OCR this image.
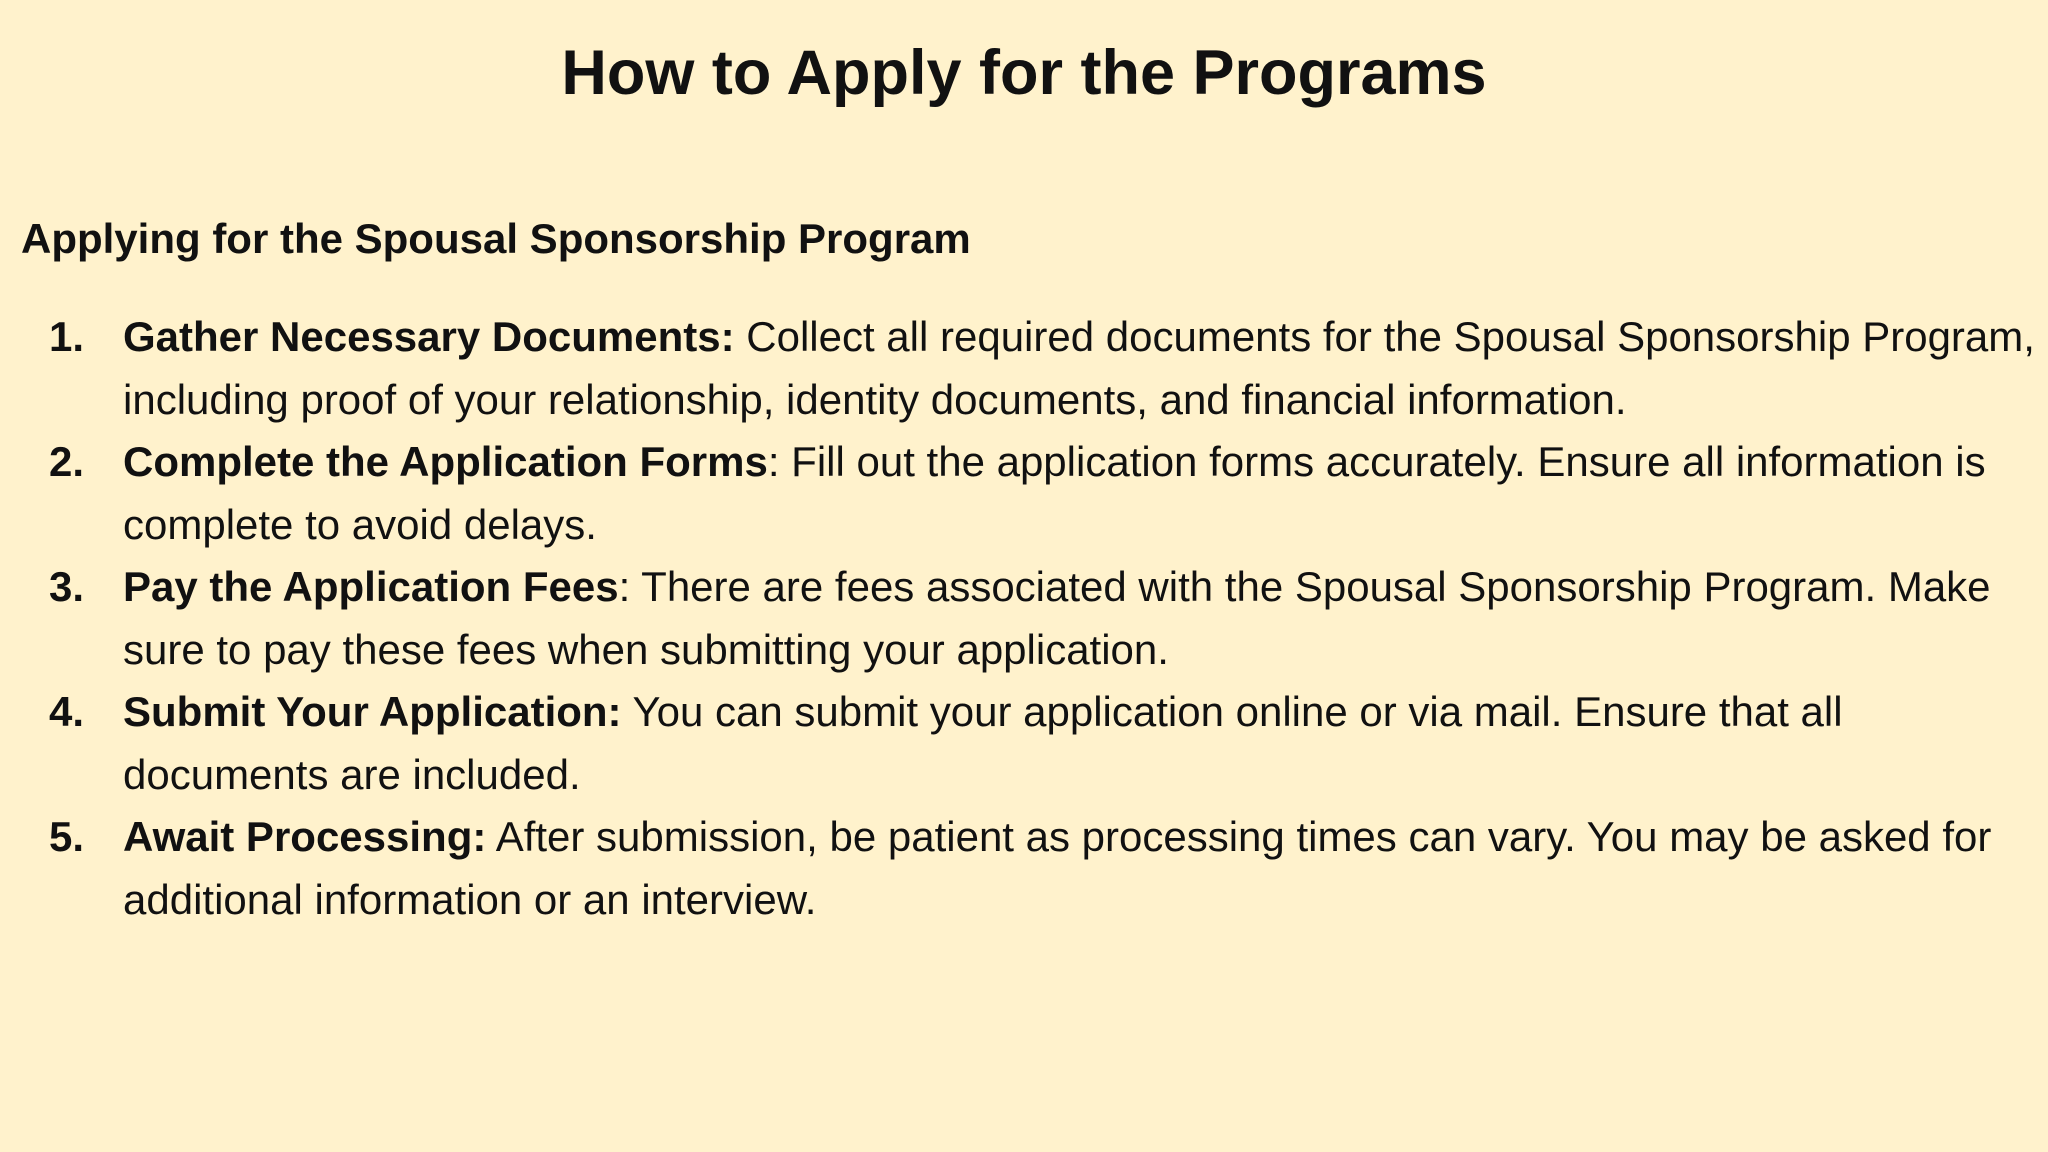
How to Apply for the Programs
Applying for the Spousal Sponsorship Program
1. Gather Necessary Documents: Collect all required documents for the Spousal Sponsorship Program, including proof of your relationship, identity documents, and financial information.
2. Complete the Application Forms: Fill out the application forms accurately. Ensure all information is complete to avoid delays.
3. Pay the Application Fees: There are fees associated with the Spousal Sponsorship Program. Make sure to pay these fees when submitting your application.
4. Submit Your Application: You can submit your application online or via mail. Ensure that all documents are included.
5. Await Processing: After submission, be patient as processing times can vary. You may be asked for additional information or an interview.
